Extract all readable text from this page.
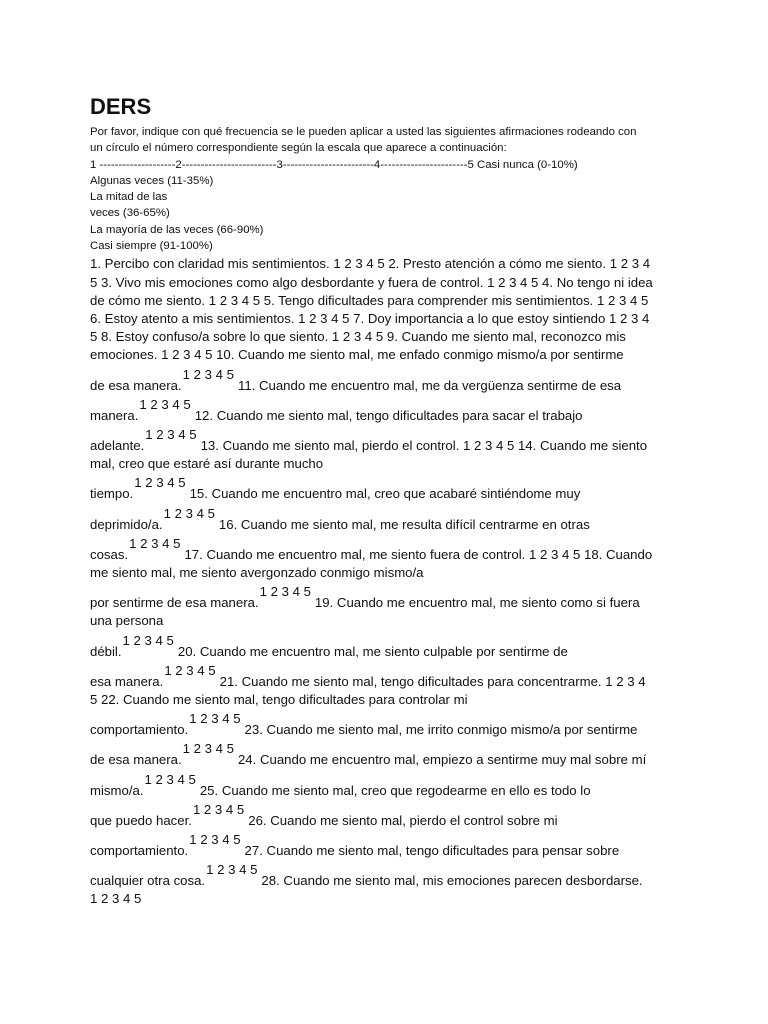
DERS
Por favor, indique con qué frecuencia se le pueden aplicar a usted las siguientes afirmaciones rodeando con
un círculo el número correspondiente según la escala que aparece a continuación:
1 --------------------2-------------------------3------------------------4-----------------------5 Casi nunca (0-10%)
Algunas veces (11-35%)
La mitad de las
veces (36-65%)
La mayoría de las veces (66-90%)
Casi siempre (91-100%)
1. Percibo con claridad mis sentimientos. 1 2 3 4 5 2. Presto atención a cómo me siento. 1 2 3 4
5 3. Vivo mis emociones como algo desbordante y fuera de control. 1 2 3 4 5 4. No tengo ni idea
de cómo me siento. 1 2 3 4 5 5. Tengo dificultades para comprender mis sentimientos. 1 2 3 4 5
6. Estoy atento a mis sentimientos. 1 2 3 4 5 7. Doy importancia a lo que estoy sintiendo 1 2 3 4
5 8. Estoy confuso/a sobre lo que siento. 1 2 3 4 5 9. Cuando me siento mal, reconozco mis
emociones. 1 2 3 4 5 10. Cuando me siento mal, me enfado conmigo mismo/a por sentirme
de esa manera.1 2 3 4 511. Cuando me encuentro mal, me da vergüenza sentirme de esa
manera.1 2 3 4 512. Cuando me siento mal, tengo dificultades para sacar el trabajo
adelante.1 2 3 4 513. Cuando me siento mal, pierdo el control. 1 2 3 4 5 14. Cuando me siento
mal, creo que estaré así durante mucho
tiempo.1 2 3 4 515. Cuando me encuentro mal, creo que acabaré sintiéndome muy
deprimido/a.1 2 3 4 516. Cuando me siento mal, me resulta difícil centrarme en otras
cosas.1 2 3 4 517. Cuando me encuentro mal, me siento fuera de control. 1 2 3 4 5 18. Cuando
me siento mal, me siento avergonzado conmigo mismo/a
por sentirme de esa manera.1 2 3 4 519. Cuando me encuentro mal, me siento como si fuera
una persona
débil.1 2 3 4 520. Cuando me encuentro mal, me siento culpable por sentirme de
esa manera.1 2 3 4 521. Cuando me siento mal, tengo dificultades para concentrarme. 1 2 3 4
5 22. Cuando me siento mal, tengo dificultades para controlar mi
comportamiento.1 2 3 4 523. Cuando me siento mal, me irrito conmigo mismo/a por sentirme
de esa manera.1 2 3 4 524. Cuando me encuentro mal, empiezo a sentirme muy mal sobre mí
mismo/a.1 2 3 4 525. Cuando me siento mal, creo que regodearme en ello es todo lo
que puedo hacer.1 2 3 4 526. Cuando me siento mal, pierdo el control sobre mi
comportamiento.1 2 3 4 527. Cuando me siento mal, tengo dificultades para pensar sobre
cualquier otra cosa.1 2 3 4 528. Cuando me siento mal, mis emociones parecen desbordarse.
1 2 3 4 5
